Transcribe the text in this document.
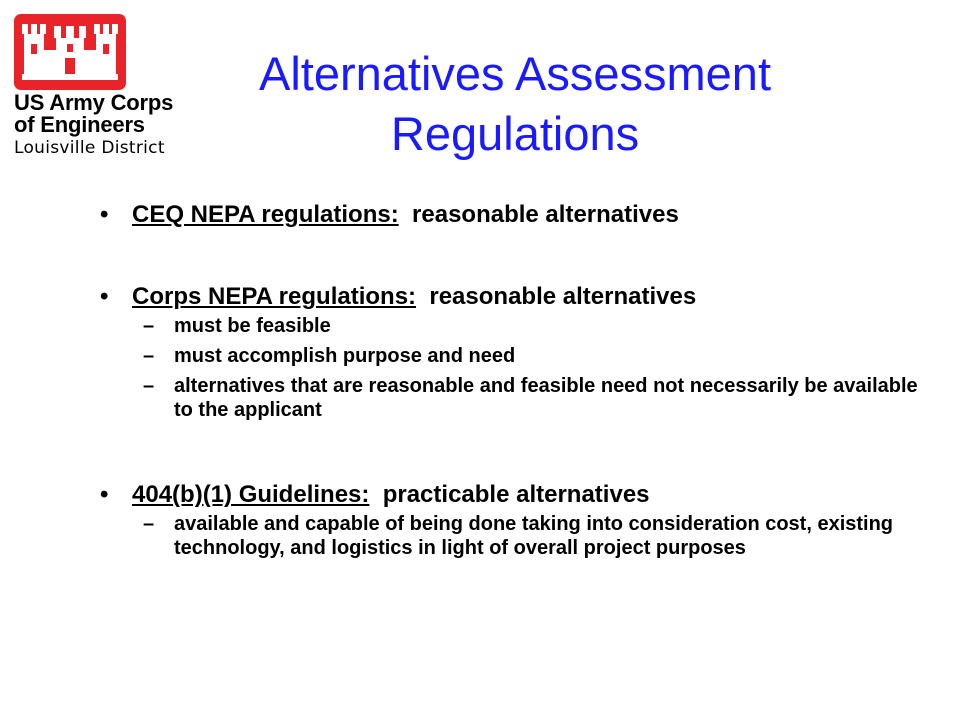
US Army Corps
of Engineers
Louisville District
Alternatives Assessment
Regulations
• CEQ NEPA regulations:  reasonable alternatives
• Corps NEPA regulations:  reasonable alternatives
– must be feasible
– must accomplish purpose and need
– alternatives that are reasonable and feasible need not necessarily be available to the applicant
• 404(b)(1) Guidelines:  practicable alternatives
– available and capable of being done taking into consideration cost, existing technology, and logistics in light of overall project purposes
